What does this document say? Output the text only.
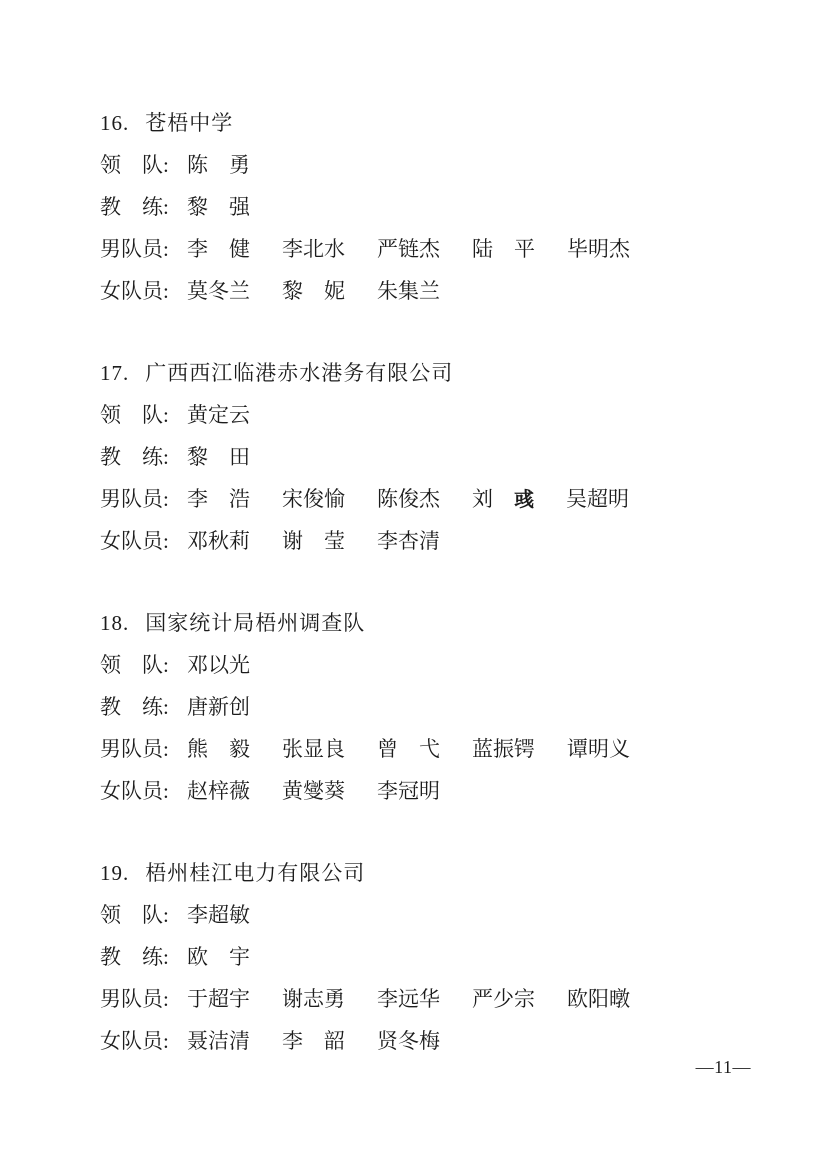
16. 苍梧中学
领　队: 陈　勇
教　练: 黎　强
男队员: 李　健 李北水 严链杰 陆　平 毕明杰
女队员: 莫冬兰 黎　妮 朱集兰
17. 广西西江临港赤水港务有限公司
领　队: 黄定云
教　练: 黎　田
男队员: 李　浩 宋俊愉 陈俊杰 刘　彧 吴超明
女队员: 邓秋莉 谢　莹 李杏清
18. 国家统计局梧州调查队
领　队: 邓以光
教　练: 唐新创
男队员: 熊　毅 张显良 曾　弋 蓝振锷 谭明义
女队员: 赵梓薇 黄燮葵 李冠明
19. 梧州桂江电力有限公司
领　队: 李超敏
教　练: 欧　宇
男队员: 于超宇 谢志勇 李远华 严少宗 欧阳暾
女队员: 聂洁清 李　韶 贤冬梅
—11—
